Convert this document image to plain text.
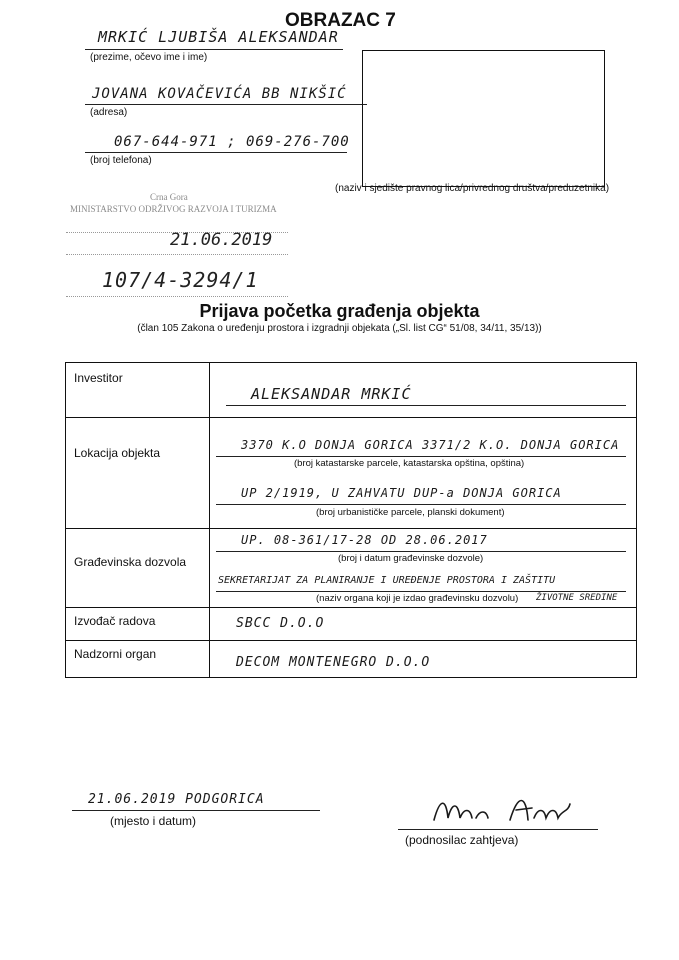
OBRAZAC 7
MRKIĆ LJUBIŠA ALEKSANDAR
(prezime, očevo ime i ime)
JOVANA KOVAČEVIĆA BB NIKŠIĆ
(adresa)
067-644-971 ; 069-276-700
(broj telefona)
(naziv i sjedište pravnog lica/privrednog društva/preduzetnika)
Crna Gora
MINISTARSTVO ODRŽIVOG RAZVOJA I TURIZMA
21.06.2019
107/4-3294/1
Prijava početka građenja objekta
(član 105 Zakona o uređenju prostora i izgradnji objekata („Sl. list CG“ 51/08, 34/11, 35/13))
Investitor
ALEKSANDAR MRKIĆ
Lokacija objekta
3370 K.O DONJA GORICA 3371/2 K.O. DONJA GORICA
(broj katastarske parcele, katastarska opština, opština)
UP 2/1919, U ZAHVATU DUP-a DONJA GORICA
(broj urbanističke parcele, planski dokument)
Građevinska dozvola
UP. 08-361/17-28 OD 28.06.2017
(broj i datum građevinske dozvole)
SEKRETARIJAT ZA PLANIRANJE I UREĐENJE PROSTORA I ZAŠTITU
(naziv organa koji je izdao građevinsku dozvolu) ŽIVOTNE SREDINE
Izvođač radova	SBCC D.O.O
Nadzorni organ
DECOM MONTENEGRO D.O.O
21.06.2019 PODGORICA
(mjesto i datum)
(podnosilac zahtjeva)
